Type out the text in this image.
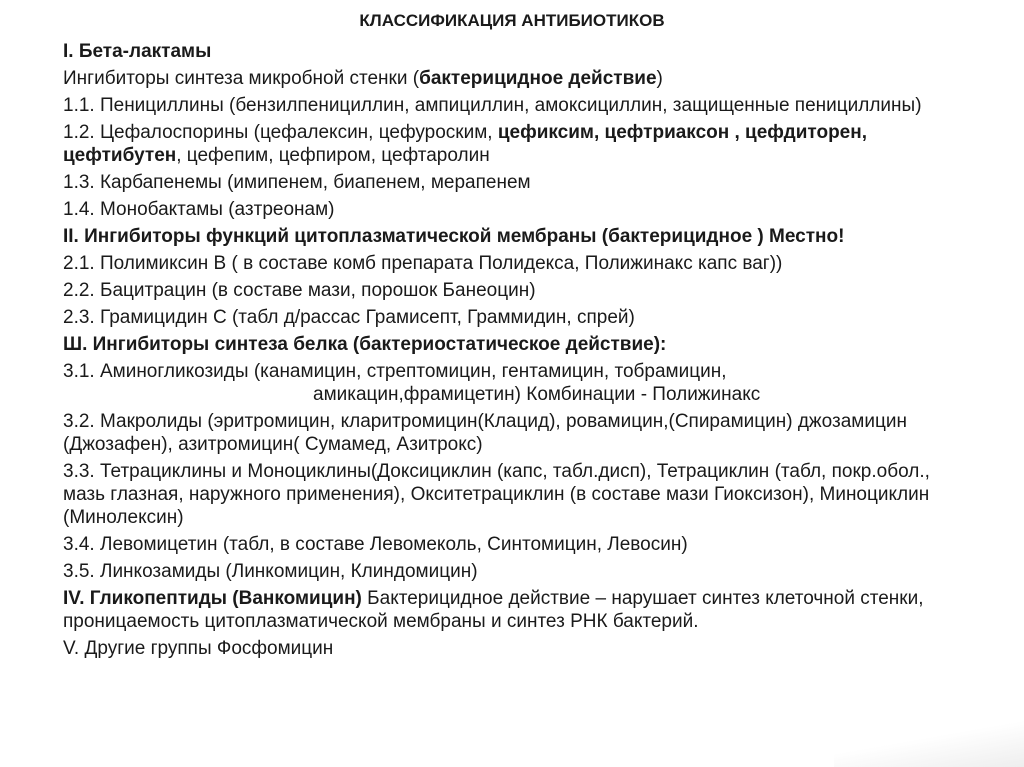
КЛАССИФИКАЦИЯ АНТИБИОТИКОВ

I. Бета-лактамы

Ингибиторы синтеза микробной стенки (бактерицидное действие)

1.1. Пенициллины (бензилпенициллин, ампициллин, амоксициллин, защищенные пенициллины)

1.2. Цефалоспорины (цефалексин, цефуроским, цефиксим, цефтриаксон , цефдиторен, цефтибутен, цефепим, цефпиром, цефтаролин

1.3. Карбапенемы (имипенем, биапенем, мерапенем

1.4. Монобактамы (азтреонам)

II. Ингибиторы функций цитоплазматической мембраны (бактерицидное ) Местно!

2.1. Полимиксин В ( в составе комб препарата Полидекса, Полижинакс капс ваг))

2.2. Бацитрацин (в составе мази, порошок Банеоцин)

2.3. Грамицидин С (табл д/рассас Грамисепт, Граммидин, спрей)

Ш. Ингибиторы синтеза белка (бактериостатическое действие):

3.1. Аминогликозиды (канамицин, стрептомицин, гентамицин, тобрамицин,
амикацин,фрамицетин) Комбинации - Полижинакс

3.2. Макролиды (эритромицин, кларитромицин(Клацид), ровамицин,(Спирамицин) джозамицин (Джозафен), азитромицин( Сумамед, Азитрокс)

3.3. Тетрациклины и Моноциклины(Доксициклин (капс, табл.дисп), Тетрациклин (табл, покр.обол., мазь глазная, наружного применения), Окситетрациклин (в составе мази Гиоксизон), Миноциклин (Минолексин)

3.4. Левомицетин (табл, в составе Левомеколь, Синтомицин, Левосин)

3.5. Линкозамиды (Линкомицин, Клиндомицин)

IV. Гликопептиды (Ванкомицин) Бактерицидное действие – нарушает синтез клеточной стенки, проницаемость цитоплазматической мембраны и синтез РНК бактерий.

V. Другие группы Фосфомицин
